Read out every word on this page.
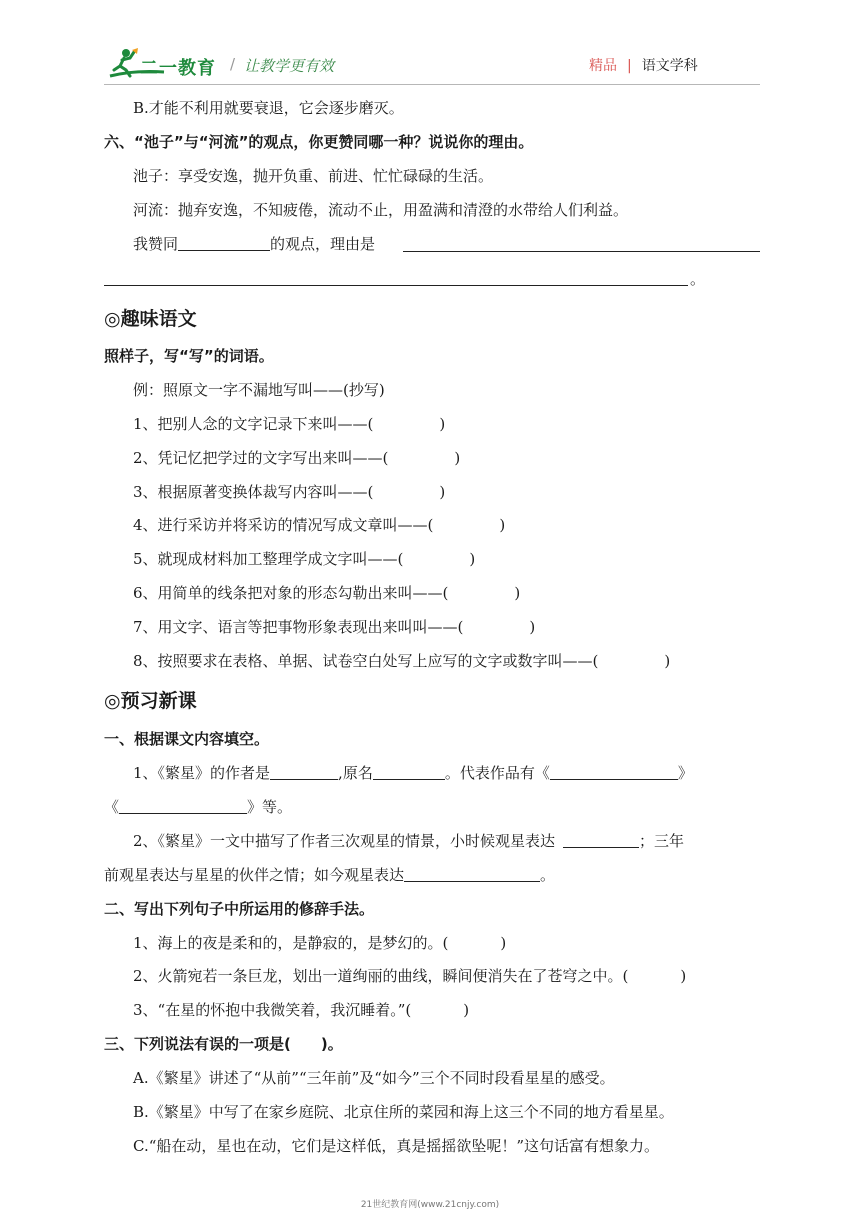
二一教育 / 让教学更有效	精品 | 语文学科
B.才能不利用就要衰退，它会逐步磨灭。
六、“池子”与“河流”的观点，你更赞同哪一种？说说你的理由。
池子：享受安逸，抛开负重、前进、忙忙碌碌的生活。
河流：抛弃安逸，不知疲倦，流动不止，用盈满和清澄的水带给人们利益。
我赞同	的观点，理由是
。
◎趣味语文
照样子，写“写”的词语。
例：照原文一字不漏地写叫——(抄写)
1、把别人念的文字记录下来叫——(	)
2、凭记忆把学过的文字写出来叫——(	)
3、根据原著变换体裁写内容叫——(	)
4、进行采访并将采访的情况写成文章叫——(	)
5、就现成材料加工整理学成文字叫——(	)
6、用简单的线条把对象的形态勾勒出来叫——(	)
7、用文字、语言等把事物形象表现出来叫叫——(	)
8、按照要求在表格、单据、试卷空白处写上应写的文字或数字叫——(	)
◎预习新课
一、根据课文内容填空。
1、《繁星》的作者是	,原名	。代表作品有《	》
《	》等。
2、《繁星》一文中描写了作者三次观星的情景，小时候观星表达	；三年
前观星表达与星星的伙伴之情；如今观星表达	。
二、写出下列句子中所运用的修辞手法。
1、海上的夜是柔和的，是静寂的，是梦幻的。(	)
2、火箭宛若一条巨龙，划出一道绚丽的曲线，瞬间便消失在了苍穹之中。(	)
3、“在星的怀抱中我微笑着，我沉睡着。”(	)
三、下列说法有误的一项是(　　)。
A.《繁星》讲述了“从前”“三年前”及“如今”三个不同时段看星星的感受。
B.《繁星》中写了在家乡庭院、北京住所的菜园和海上这三个不同的地方看星星。
C.“船在动，星也在动，它们是这样低，真是摇摇欲坠呢！”这句话富有想象力。
21世纪教育网(www.21cnjy.com)
